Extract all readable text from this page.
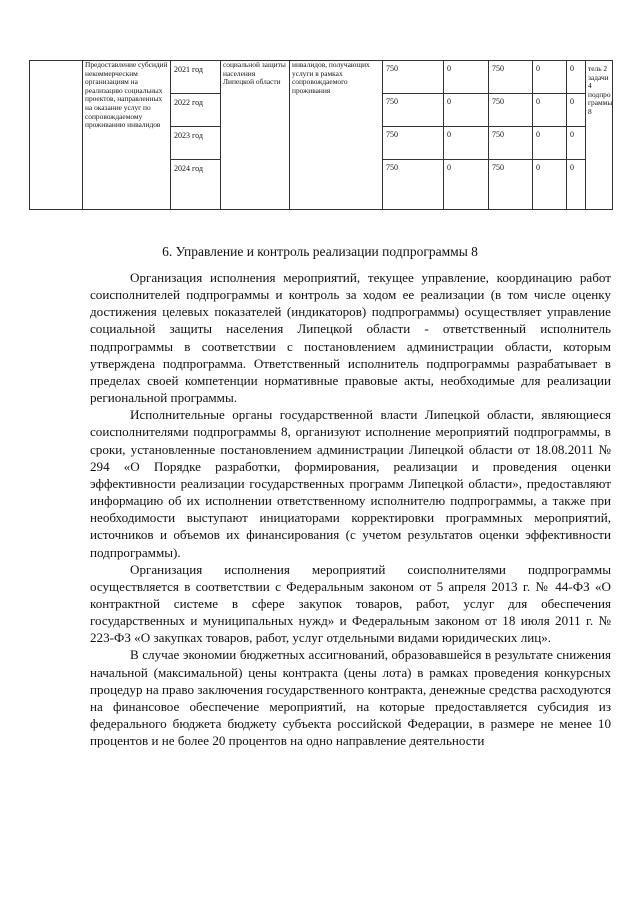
	Предоставление субсидий некоммерческим организациям на реализацию социальных проектов, направленных на оказание услуг по сопровождаемому проживанию инвалидов	2021 год	социальной защиты населения Липецкой области	инвалидов, получающих услуги в рамках сопровождаемого проживания	750	0	750	0	0	тель 2 задачи 4 подпро граммы 8
		2022 год			750	0	750	0	0	
		2023 год			750	0	750	0	0	
		2024 год			750	0	750	0	0	
6. Управление и контроль реализации подпрограммы 8

Организация исполнения мероприятий, текущее управление, координацию работ соисполнителей подпрограммы и контроль за ходом ее реализации (в том числе оценку достижения целевых показателей (индикаторов) подпрограммы) осуществляет управление социальной защиты населения Липецкой области - ответственный исполнитель подпрограммы в соответствии с постановлением администрации области, которым утверждена подпрограмма. Ответственный исполнитель подпрограммы разрабатывает в пределах своей компетенции нормативные правовые акты, необходимые для реализации региональной программы.

Исполнительные органы государственной власти Липецкой области, являющиеся соисполнителями подпрограммы 8, организуют исполнение мероприятий подпрограммы, в сроки, установленные постановлением администрации Липецкой области от 18.08.2011 № 294 «О Порядке разработки, формирования, реализации и проведения оценки эффективности реализации государственных программ Липецкой области», предоставляют информацию об их исполнении ответственному исполнителю подпрограммы, а также при необходимости выступают инициаторами корректировки программных мероприятий, источников и объемов их финансирования (с учетом результатов оценки эффективности подпрограммы).

Организация исполнения мероприятий соисполнителями подпрограммы осуществляется в соответствии с Федеральным законом от 5 апреля 2013 г. № 44-ФЗ «О контрактной системе в сфере закупок товаров, работ, услуг для обеспечения государственных и муниципальных нужд» и Федеральным законом от 18 июля 2011 г. № 223-ФЗ «О закупках товаров, работ, услуг отдельными видами юридических лиц».

В случае экономии бюджетных ассигнований, образовавшейся в результате снижения начальной (максимальной) цены контракта (цены лота) в рамках проведения конкурсных процедур на право заключения государственного контракта, денежные средства расходуются на финансовое обеспечение мероприятий, на которые предоставляется субсидия из федерального бюджета бюджету субъекта российской Федерации, в размере не менее 10 процентов и не более 20 процентов на одно направление деятельности
